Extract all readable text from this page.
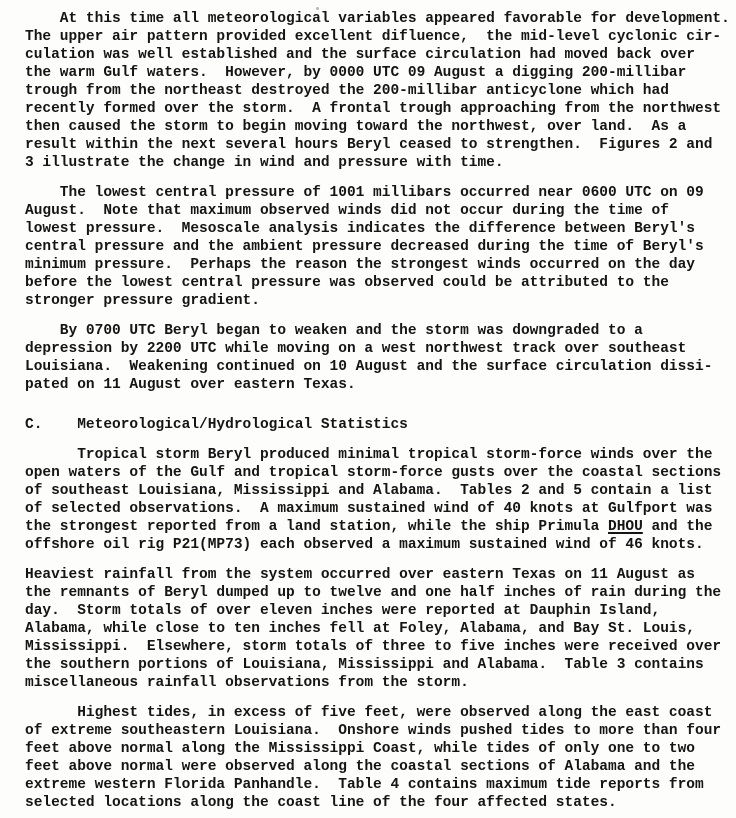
At this time all meteorological variables appeared favorable for development.
The upper air pattern provided excellent difluence,  the mid-level cyclonic cir-
culation was well established and the surface circulation had moved back over
the warm Gulf waters.  However, by 0000 UTC 09 August a digging 200-millibar
trough from the northeast destroyed the 200-millibar anticyclone which had
recently formed over the storm.  A frontal trough approaching from the northwest
then caused the storm to begin moving toward the northwest, over land.  As a
result within the next several hours Beryl ceased to strengthen.  Figures 2 and
3 illustrate the change in wind and pressure with time.
The lowest central pressure of 1001 millibars occurred near 0600 UTC on 09
August.  Note that maximum observed winds did not occur during the time of
lowest pressure.  Mesoscale analysis indicates the difference between Beryl's
central pressure and the ambient pressure decreased during the time of Beryl's
minimum pressure.  Perhaps the reason the strongest winds occurred on the day
before the lowest central pressure was observed could be attributed to the
stronger pressure gradient.
By 0700 UTC Beryl began to weaken and the storm was downgraded to a
depression by 2200 UTC while moving on a west northwest track over southeast
Louisiana.  Weakening continued on 10 August and the surface circulation dissi-
pated on 11 August over eastern Texas.
C.    Meteorological/Hydrological Statistics
Tropical storm Beryl produced minimal tropical storm-force winds over the
open waters of the Gulf and tropical storm-force gusts over the coastal sections
of southeast Louisiana, Mississippi and Alabama.  Tables 2 and 5 contain a list
of selected observations.  A maximum sustained wind of 40 knots at Gulfport was
the strongest reported from a land station, while the ship Primula DHOU and the
offshore oil rig P21(MP73) each observed a maximum sustained wind of 46 knots.
Heaviest rainfall from the system occurred over eastern Texas on 11 August as
the remnants of Beryl dumped up to twelve and one half inches of rain during the
day.  Storm totals of over eleven inches were reported at Dauphin Island,
Alabama, while close to ten inches fell at Foley, Alabama, and Bay St. Louis,
Mississippi.  Elsewhere, storm totals of three to five inches were received over
the southern portions of Louisiana, Mississippi and Alabama.  Table 3 contains
miscellaneous rainfall observations from the storm.
Highest tides, in excess of five feet, were observed along the east coast
of extreme southeastern Louisiana.  Onshore winds pushed tides to more than four
feet above normal along the Mississippi Coast, while tides of only one to two
feet above normal were observed along the coastal sections of Alabama and the
extreme western Florida Panhandle.  Table 4 contains maximum tide reports from
selected locations along the coast line of the four affected states.
